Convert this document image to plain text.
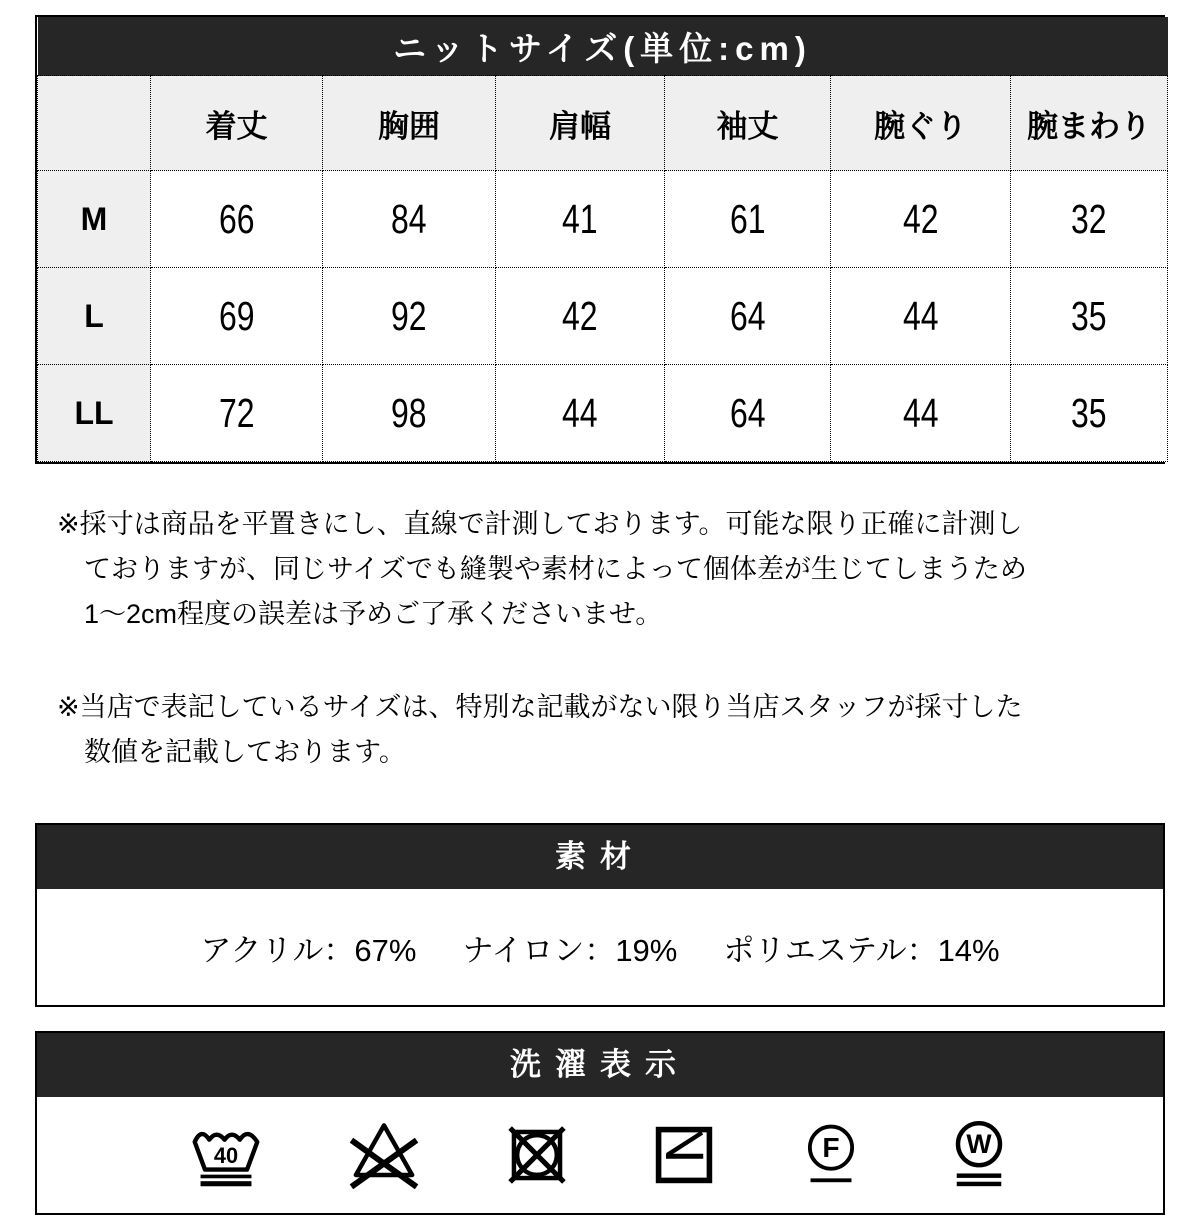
ニットサイズ(単位:cm)						
	着丈	胸囲	肩幅	袖丈	腕ぐり	腕まわり
M	66	84	41	61	42	32
L	69	92	42	64	44	35
LL	72	98	44	64	44	35
※採寸は商品を平置きにし、直線で計測しております。可能な限り正確に計測し
ておりますが、同じサイズでも縫製や素材によって個体差が生じてしまうため
1〜2cm程度の誤差は予めご了承くださいませ。
※当店で表記しているサイズは、特別な記載がない限り当店スタッフが採寸した
数値を記載しております。
素材
アクリル：67% ナイロン：19% ポリエステル：14%
洗濯表示
40	F	W
